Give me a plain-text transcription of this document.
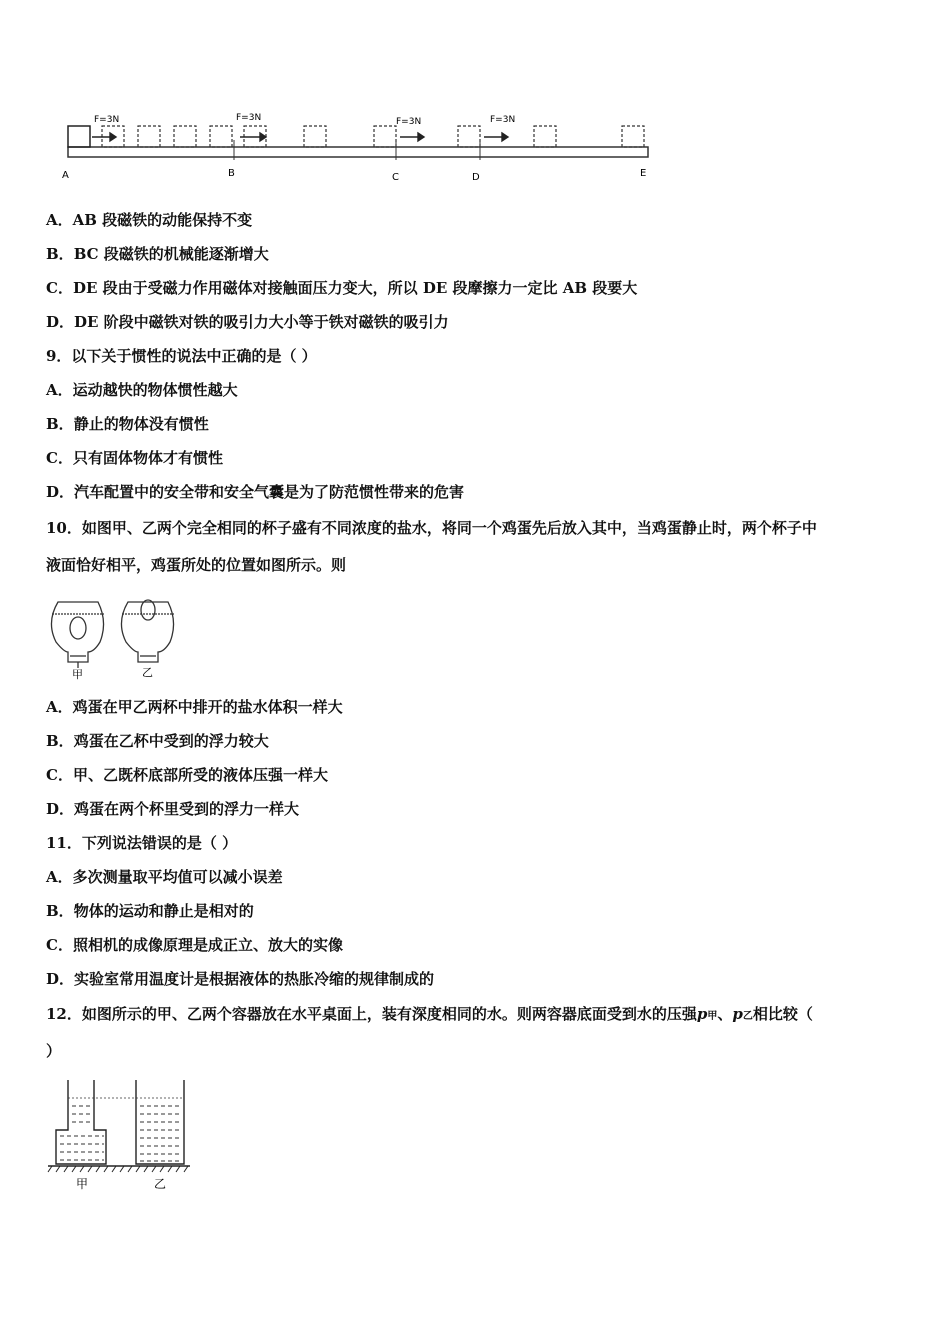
F=3N	F=3N	F=3N	F=3N
A	B	C	D	E
A．AB 段磁铁的动能保持不变
B．BC 段磁铁的机械能逐渐增大
C．DE 段由于受磁力作用磁体对接触面压力变大，所以 DE 段摩擦力一定比 AB 段要大
D．DE 阶段中磁铁对铁的吸引力大小等于铁对磁铁的吸引力
9．以下关于惯性的说法中正确的是（ ）
A．运动越快的物体惯性越大
B．静止的物体没有惯性
C．只有固体物体才有惯性
D．汽车配置中的安全带和安全气囊是为了防范惯性带来的危害
10．如图甲、乙两个完全相同的杯子盛有不同浓度的盐水，将同一个鸡蛋先后放入其中，当鸡蛋静止时，两个杯子中
液面恰好相平，鸡蛋所处的位置如图所示。则
甲	乙
A．鸡蛋在甲乙两杯中排开的盐水体积一样大
B．鸡蛋在乙杯中受到的浮力较大
C．甲、乙既杯底部所受的液体压强一样大
D．鸡蛋在两个杯里受到的浮力一样大
11．下列说法错误的是（ ）
A．多次测量取平均值可以减小误差
B．物体的运动和静止是相对的
C．照相机的成像原理是成正立、放大的实像
D．实验室常用温度计是根据液体的热胀冷缩的规律制成的
12．如图所示的甲、乙两个容器放在水平桌面上，装有深度相同的水。则两容器底面受到水的压强p甲、p乙相比较（
）
甲	乙
